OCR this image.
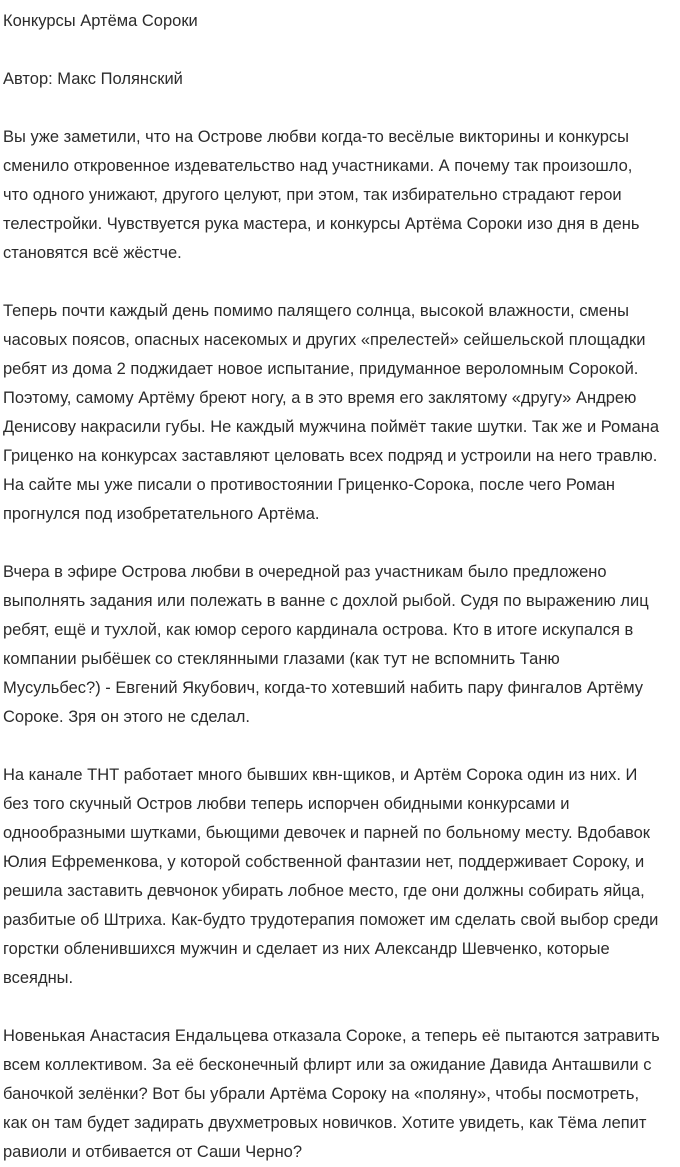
Конкурсы Артёма Сороки
Автор: Макс Полянский

Вы уже заметили, что на Острове любви когда-то весёлые викторины и конкурсы сменило откровенное издевательство над участниками. А почему так произошло, что одного унижают, другого целуют, при этом, так избирательно страдают герои телестройки. Чувствуется рука мастера, и конкурсы Артёма Сороки изо дня в день становятся всё жёстче.

Теперь почти каждый день помимо палящего солнца, высокой влажности, смены часовых поясов, опасных насекомых и других «прелестей» сейшельской площадки ребят из дома 2 поджидает новое испытание, придуманное вероломным Сорокой. Поэтому, самому Артёму бреют ногу, а в это время его заклятому «другу» Андрею Денисову накрасили губы. Не каждый мужчина поймёт такие шутки. Так же и Романа Гриценко на конкурсах заставляют целовать всех подряд и устроили на него травлю. На сайте мы уже писали о противостоянии Гриценко-Сорока, после чего Роман прогнулся под изобретательного Артёма.

Вчера в эфире Острова любви в очередной раз участникам было предложено выполнять задания или полежать в ванне с дохлой рыбой. Судя по выражению лиц ребят, ещё и тухлой, как юмор серого кардинала острова. Кто в итоге искупался в компании рыбёшек со стеклянными глазами (как тут не вспомнить Таню Мусульбес?) - Евгений Якубович, когда-то хотевший набить пару фингалов Артёму Сороке. Зря он этого не сделал.

На канале ТНТ работает много бывших квн-щиков, и Артём Сорока один из них. И без того скучный Остров любви теперь испорчен обидными конкурсами и однообразными шутками, бьющими девочек и парней по больному месту. Вдобавок Юлия Ефременкова, у которой собственной фантазии нет, поддерживает Сороку, и решила заставить девчонок убирать лобное место, где они должны собирать яйца, разбитые об Штриха. Как-будто трудотерапия поможет им сделать свой выбор среди горстки обленившихся мужчин и сделает из них Александр Шевченко, которые всеядны.

Новенькая Анастасия Ендальцева отказала Сороке, а теперь её пытаются затравить всем коллективом. За её бесконечный флирт или за ожидание Давида Анташвили с баночкой зелёнки? Вот бы убрали Артёма Сороку на «поляну», чтобы посмотреть, как он там будет задирать двухметровых новичков. Хотите увидеть, как Тёма лепит равиоли и отбивается от Саши Черно?
